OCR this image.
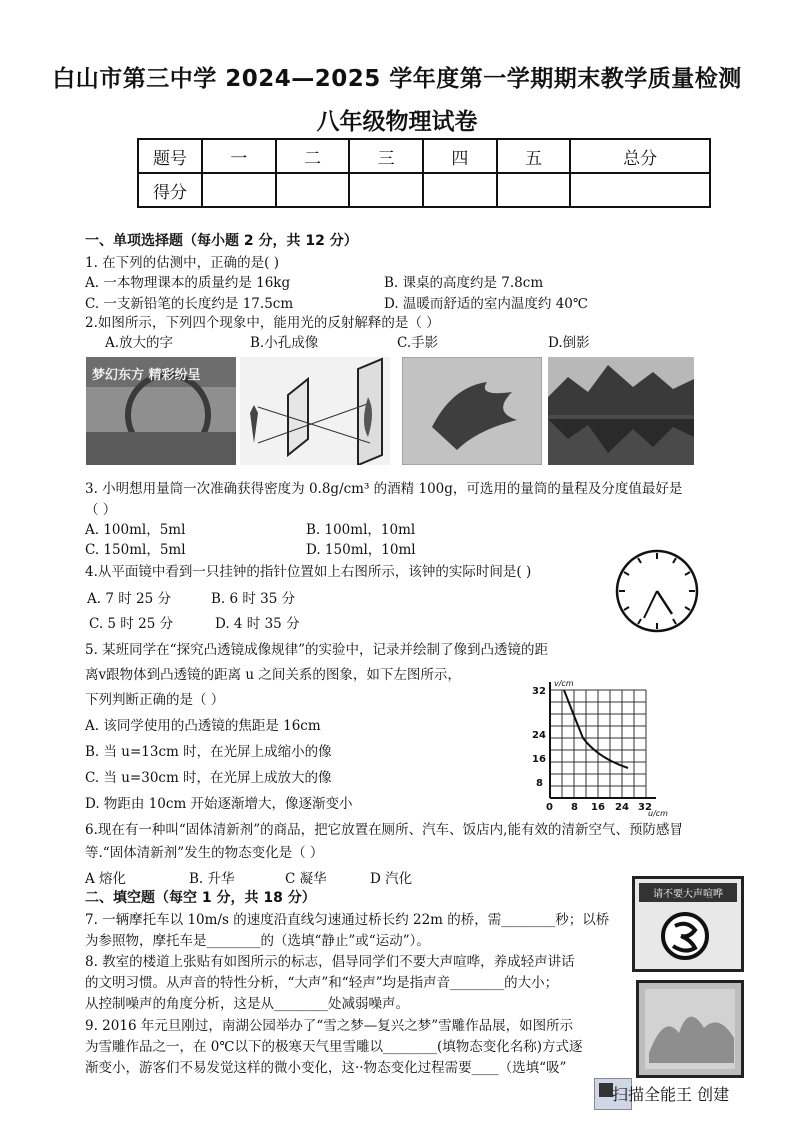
白山市第三中学 2024—2025 学年度第一学期期末教学质量检测
八年级物理试卷
题号	一	二	三	四	五	总分
得分						
一、单项选择题（每小题 2 分，共 12 分）
1. 在下列的估测中，正确的是( )
A. 一本物理课本的质量约是 16kg	B. 课桌的高度约是 7.8cm
C. 一支新铅笔的长度约是 17.5cm	D. 温暖而舒适的室内温度约 40℃
2.如图所示，下列四个现象中，能用光的反射解释的是（ ）
A.放大的字	B.小孔成像	C.手影	D.倒影
梦幻东方 精彩纷呈
3. 小明想用量筒一次准确获得密度为 0.8g/cm³ 的酒精 100g，可选用的量筒的量程及分度值最好是
（ ）
A. 100ml，5ml	B. 100ml，10ml
C. 150ml，5ml	D. 150ml，10ml
4.从平面镜中看到一只挂钟的指针位置如上右图所示，该钟的实际时间是( )
A. 7 时 25 分	B. 6 时 35 分
C. 5 时 25 分	D. 4 时 35 分
5. 某班同学在“探究凸透镜成像规律”的实验中，记录并绘制了像到凸透镜的距
离v跟物体到凸透镜的距离 u 之间关系的图象，如下左图所示，
下列判断正确的是（ ）
A. 该同学使用的凸透镜的焦距是 16cm
B. 当 u=13cm 时，在光屏上成缩小的像
C. 当 u=30cm 时，在光屏上成放大的像
D. 物距由 10cm 开始逐渐增大，像逐渐变小
v/cm
u/cm
8
16
24
32
0 8 16 24 32
6.现在有一种叫“固体清新剂”的商品，把它放置在厕所、汽车、饭店内,能有效的清新空气、预防感冒
等.“固体清新剂”发生的物态变化是（ ）
A 熔化	B. 升华	C 凝华	D 汽化
二、填空题（每空 1 分，共 18 分）
7. 一辆摩托车以 10m/s 的速度沿直线匀速通过桥长约 22m 的桥，需________秒；以桥
为参照物，摩托车是________的（选填“静止”或“运动”）。
8. 教室的楼道上张贴有如图所示的标志，倡导同学们不要大声喧哗，养成轻声讲话
的文明习惯。从声音的特性分析，“大声”和“轻声”均是指声音________的大小；
从控制噪声的角度分析，这是从________处减弱噪声。
9. 2016 年元旦刚过，南湖公园举办了“雪之梦—复兴之梦”雪雕作品展，如图所示
为雪雕作品之一，在 0℃以下的极寒天气里雪雕以________(填物态变化名称)方式逐
渐变小，游客们不易发觉这样的微小变化，这··物态变化过程需要____（选填“吸”
请不要大声喧哗
扫描全能王 创建
